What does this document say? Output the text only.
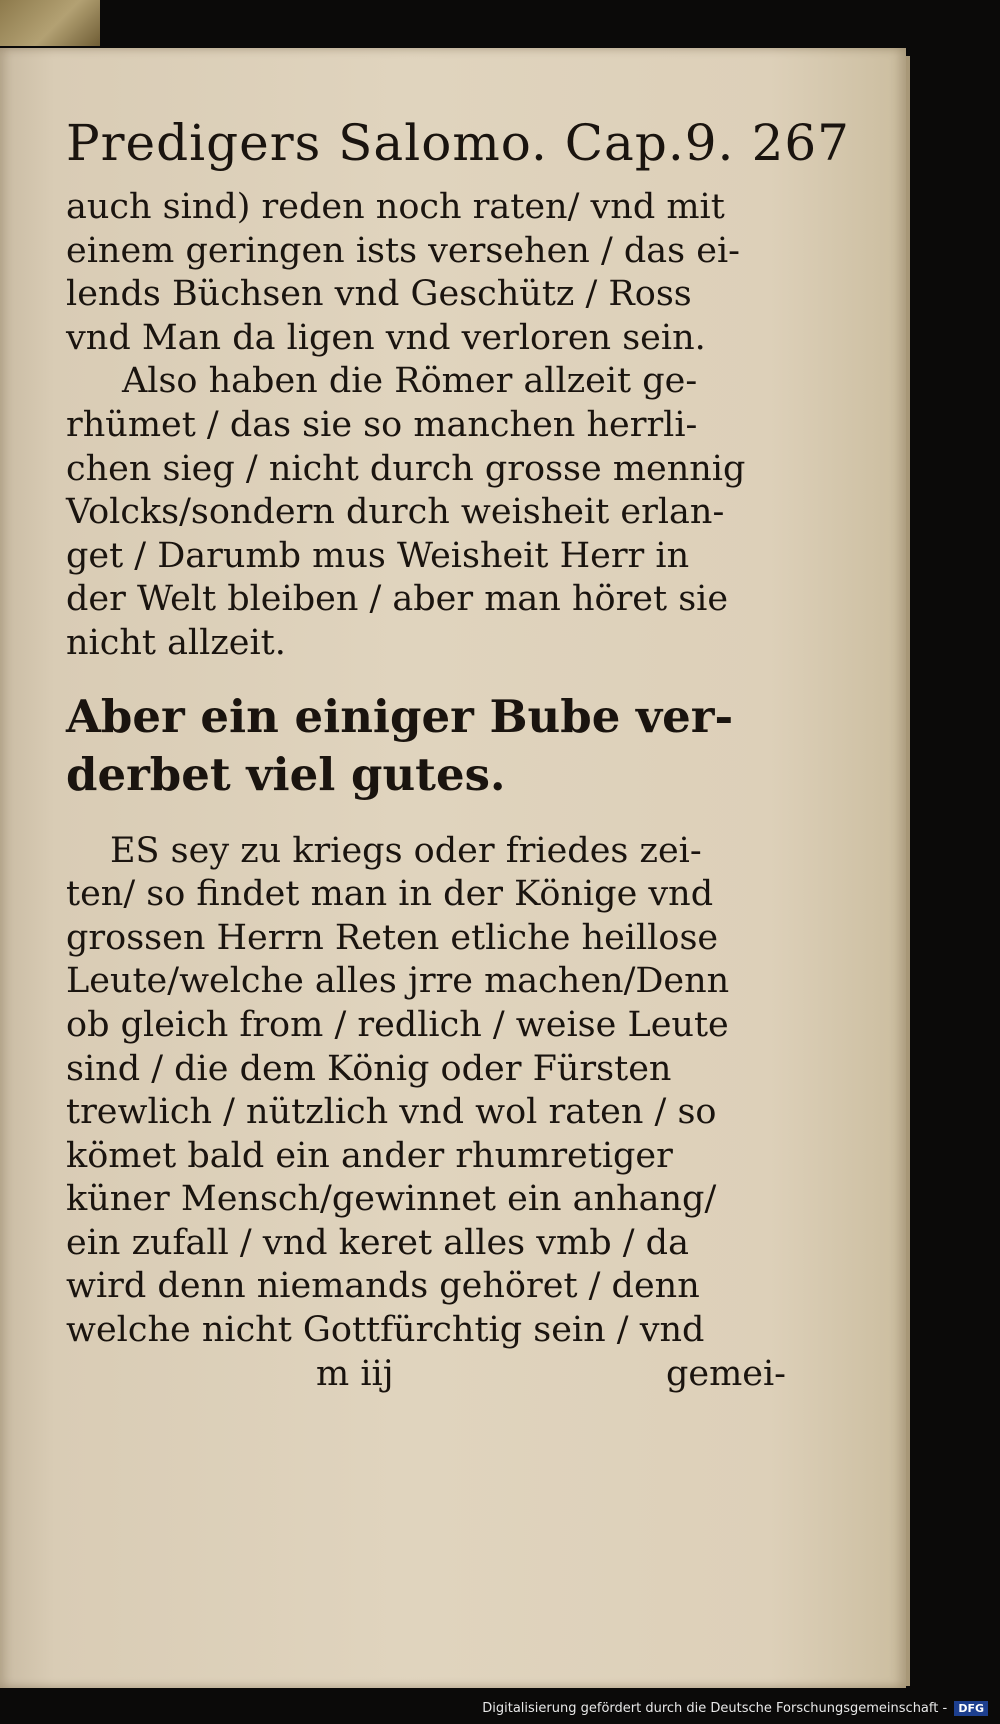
Predigers Salomo. Cap.9. 267
auch sind) reden noch raten/ vnd mit
einem geringen ists versehen / das ei-
lends Büchsen vnd Geschütz / Ross
vnd Man da ligen vnd verloren sein.
Also haben die Römer allzeit ge-
rhümet / das sie so manchen herrli-
chen sieg / nicht durch grosse mennig
Volcks/sondern durch weisheit erlan-
get / Darumb mus Weisheit Herr in
der Welt bleiben / aber man höret sie
nicht allzeit.
Aber ein einiger Bube ver-
derbet viel gutes.
ES sey zu kriegs oder friedes zei-
ten/ so findet man in der Könige vnd
grossen Herrn Reten etliche heillose
Leute/welche alles jrre machen/Denn
ob gleich from / redlich / weise Leute
sind / die dem König oder Fürsten
trewlich / nützlich vnd wol raten / so
kömet bald ein ander rhumretiger
küner Mensch/gewinnet ein anhang/
ein zufall / vnd keret alles vmb / da
wird denn niemands gehöret / denn
welche nicht Gottfürchtig sein / vnd
m iij	gemei-
Digitalisierung gefördert durch die Deutsche Forschungsgemeinschaft - DFG
